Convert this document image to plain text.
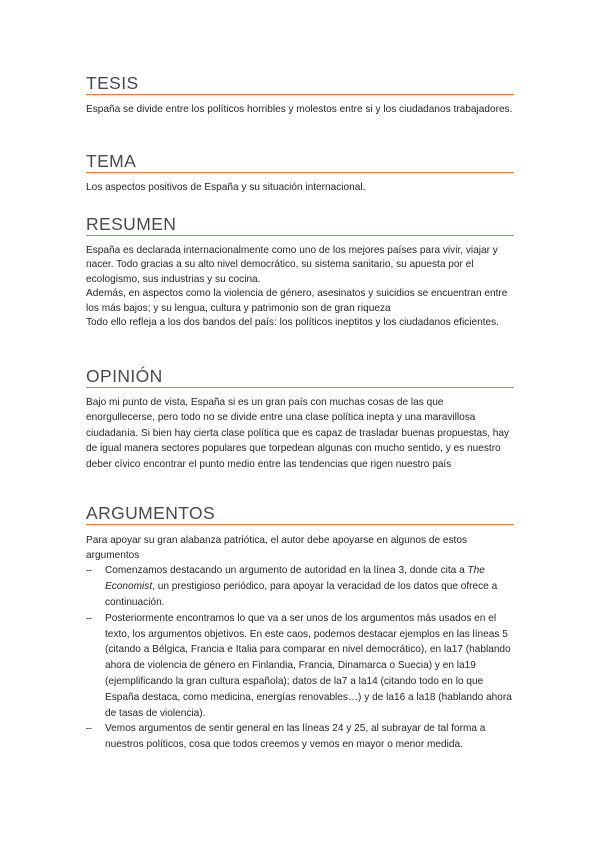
TESIS

España se divide entre los políticos horribles y molestos entre si y los ciudadanos trabajadores.

TEMA

Los aspectos positivos de España y su situación internacional.

RESUMEN

España es declarada internacionalmente como uno de los mejores países para vivir, viajar y nacer. Todo gracias a su alto nivel democrático, su sistema sanitario, su apuesta por el ecologismo, sus industrias y su cocina.

Además, en aspectos como la violencia de género, asesinatos y suicidios se encuentran entre los más bajos; y su lengua, cultura y patrimonio son de gran riqueza

Todo ello refleja a los dos bandos del país: los políticos ineptitos y los ciudadanos eficientes.

OPINIÓN

Bajo mi punto de vista, España si es un gran país con muchas cosas de las que enorgullecerse, pero todo no se divide entre una clase política inepta y una maravillosa ciudadanía. Si bien hay cierta clase política que es capaz de trasladar buenas propuestas, hay de igual manera sectores populares que torpedean algunas con mucho sentido, y es nuestro deber cívico encontrar el punto medio entre las tendencias que rigen nuestro país

ARGUMENTOS

Para apoyar su gran alabanza patriótica, el autor debe apoyarse en algunos de estos argumentos

– Comenzamos destacando un argumento de autoridad en la línea 3, donde cita a The Economist, un prestigioso periódico, para apoyar la veracidad de los datos que ofrece a continuación.
– Posteriormente encontramos lo que va a ser unos de los argumentos más usados en el texto, los argumentos objetivos. En este caos, podemos destacar ejemplos en las líneas 5 (citando a Bélgica, Francia e Italia para comparar en nivel democrático), en la17 (hablando ahora de violencia de género en Finlandia, Francia, Dinamarca o Suecia) y en la19 (ejemplificando la gran cultura española); datos de la7 a la14 (citando todo en lo que España destaca, como medicina, energías renovables…) y de la16 a la18 (hablando ahora de tasas de violencia).
– Vemos argumentos de sentir general en las líneas 24 y 25, al subrayar de tal forma a nuestros políticos, cosa que todos creemos y vemos en mayor o menor medida.
